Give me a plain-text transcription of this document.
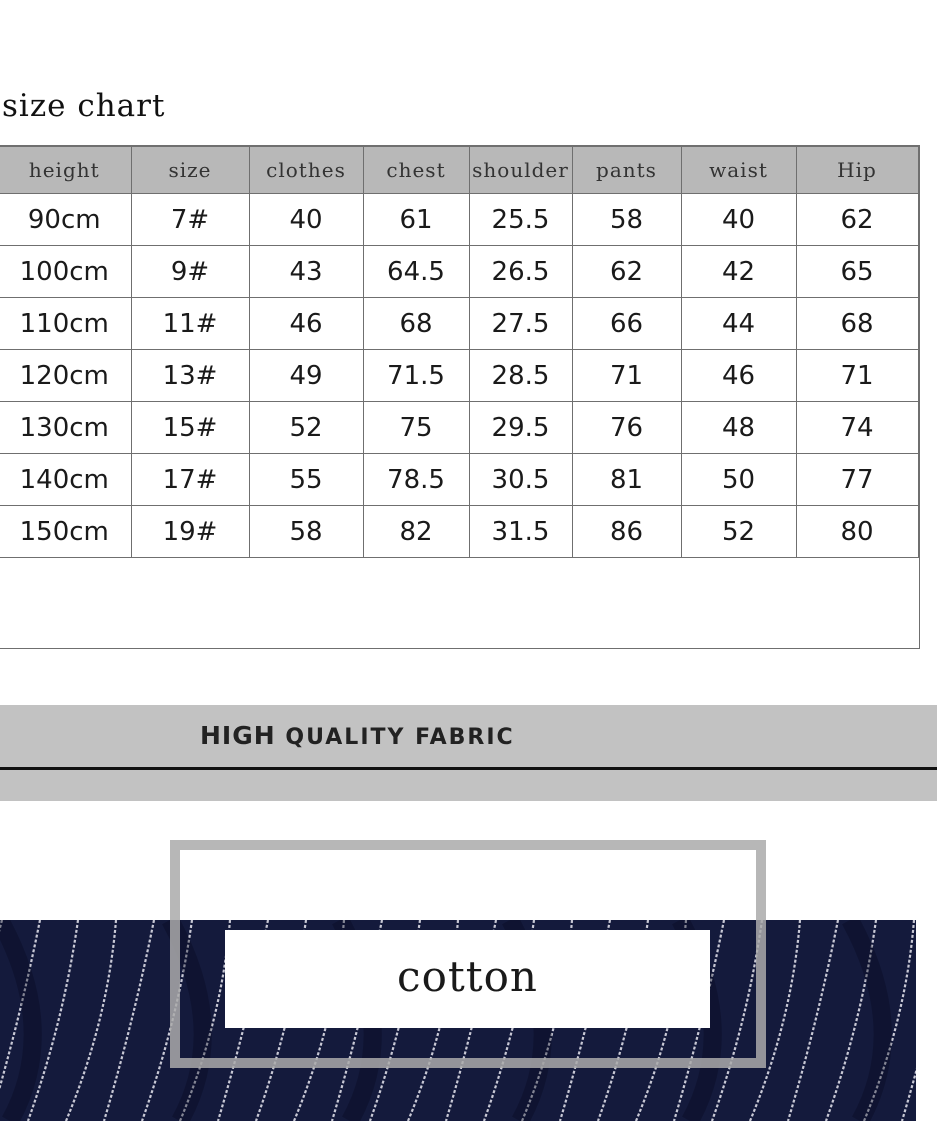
size chart
height	size	clothes	chest	shoulder	pants	waist	Hip
90cm	7#	40	61	25.5	58	40	62
100cm	9#	43	64.5	26.5	62	42	65
110cm	11#	46	68	27.5	66	44	68
120cm	13#	49	71.5	28.5	71	46	71
130cm	15#	52	75	29.5	76	48	74
140cm	17#	55	78.5	30.5	81	50	77
150cm	19#	58	82	31.5	86	52	80

HIGH QUALITY FABRIC

cotton
